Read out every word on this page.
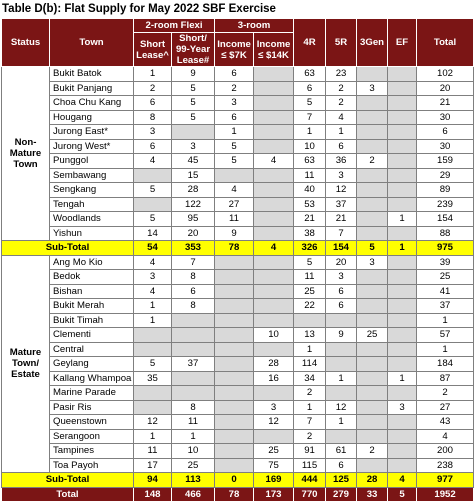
Table D(b): Flat Supply for May 2022 SBF Exercise
Status	Town	2-room Flexi		3-room		4R	5R	3Gen	EF	Total
		Short Lease^	Short/ 99-Year Lease#	Income ≤ $7K	Income ≤ $14K					
Non-Mature Town	Bukit Batok	1	9	6		63	23			102
	Bukit Panjang	2	5	2		6	2	3		20
	Choa Chu Kang	6	5	3		5	2			21
	Hougang	8	5	6		7	4			30
	Jurong East*	3		1		1	1			6
	Jurong West*	6	3	5		10	6			30
	Punggol	4	45	5	4	63	36	2		159
	Sembawang		15			11	3			29
	Sengkang	5	28	4		40	12			89
	Tengah		122	27		53	37			239
	Woodlands	5	95	11		21	21		1	154
	Yishun	14	20	9		38	7			88
Sub-Total		54	353	78	4	326	154	5	1	975
Mature Town/ Estate	Ang Mo Kio	4	7			5	20	3		39
	Bedok	3	8			11	3			25
	Bishan	4	6			25	6			41
	Bukit Merah	1	8			22	6			37
	Bukit Timah	1								1
	Clementi				10	13	9	25		57
	Central					1				1
	Geylang	5	37		28	114				184
	Kallang Whampoa	35			16	34	1		1	87
	Marine Parade					2				2
	Pasir Ris		8		3	1	12		3	27
	Queenstown	12	11		12	7	1			43
	Serangoon	1	1			2				4
	Tampines	11	10		25	91	61	2		200
	Toa Payoh	17	25		75	115	6			238
Sub-Total		94	113	0	169	444	125	28	4	977
Total		148	466	78	173	770	279	33	5	1952
